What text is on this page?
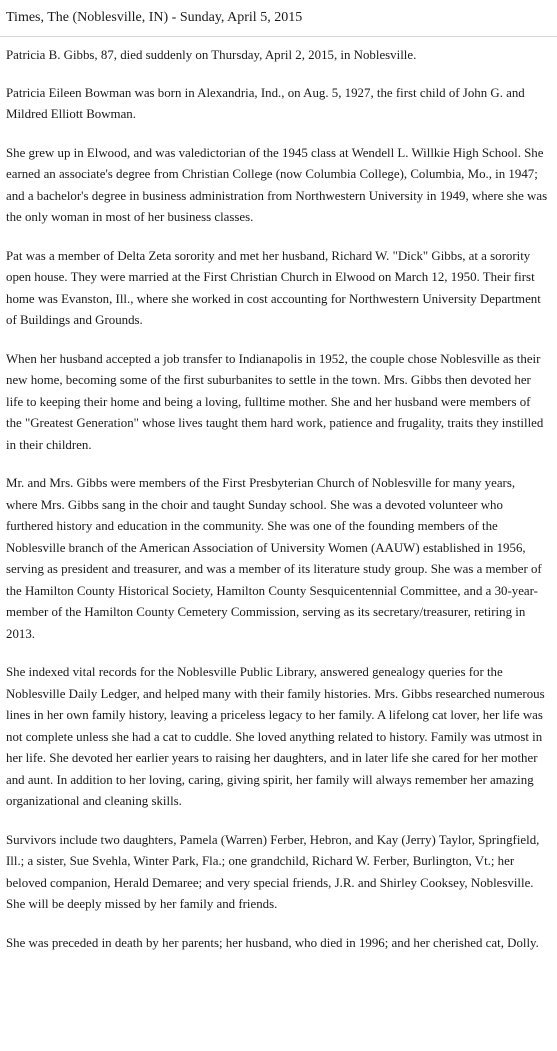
Times, The (Noblesville, IN) - Sunday, April 5, 2015

Patricia B. Gibbs, 87, died suddenly on Thursday, April 2, 2015, in Noblesville.

Patricia Eileen Bowman was born in Alexandria, Ind., on Aug. 5, 1927, the first child of John G. and Mildred Elliott Bowman.

She grew up in Elwood, and was valedictorian of the 1945 class at Wendell L. Willkie High School. She earned an associate's degree from Christian College (now Columbia College), Columbia, Mo., in 1947; and a bachelor's degree in business administration from Northwestern University in 1949, where she was the only woman in most of her business classes.

Pat was a member of Delta Zeta sorority and met her husband, Richard W. "Dick" Gibbs, at a sorority open house. They were married at the First Christian Church in Elwood on March 12, 1950. Their first home was Evanston, Ill., where she worked in cost accounting for Northwestern University Department of Buildings and Grounds.

When her husband accepted a job transfer to Indianapolis in 1952, the couple chose Noblesville as their new home, becoming some of the first suburbanites to settle in the town. Mrs. Gibbs then devoted her life to keeping their home and being a loving, fulltime mother. She and her husband were members of the "Greatest Generation" whose lives taught them hard work, patience and frugality, traits they instilled in their children.

Mr. and Mrs. Gibbs were members of the First Presbyterian Church of Noblesville for many years, where Mrs. Gibbs sang in the choir and taught Sunday school. She was a devoted volunteer who furthered history and education in the community. She was one of the founding members of the Noblesville branch of the American Association of University Women (AAUW) established in 1956, serving as president and treasurer, and was a member of its literature study group. She was a member of the Hamilton County Historical Society, Hamilton County Sesquicentennial Committee, and a 30-year-member of the Hamilton County Cemetery Commission, serving as its secretary/treasurer, retiring in 2013.

She indexed vital records for the Noblesville Public Library, answered genealogy queries for the Noblesville Daily Ledger, and helped many with their family histories. Mrs. Gibbs researched numerous lines in her own family history, leaving a priceless legacy to her family. A lifelong cat lover, her life was not complete unless she had a cat to cuddle. She loved anything related to history. Family was utmost in her life. She devoted her earlier years to raising her daughters, and in later life she cared for her mother and aunt. In addition to her loving, caring, giving spirit, her family will always remember her amazing organizational and cleaning skills.

Survivors include two daughters, Pamela (Warren) Ferber, Hebron, and Kay (Jerry) Taylor, Springfield, Ill.; a sister, Sue Svehla, Winter Park, Fla.; one grandchild, Richard W. Ferber, Burlington, Vt.; her beloved companion, Herald Demaree; and very special friends, J.R. and Shirley Cooksey, Noblesville. She will be deeply missed by her family and friends.

She was preceded in death by her parents; her husband, who died in 1996; and her cherished cat, Dolly.
